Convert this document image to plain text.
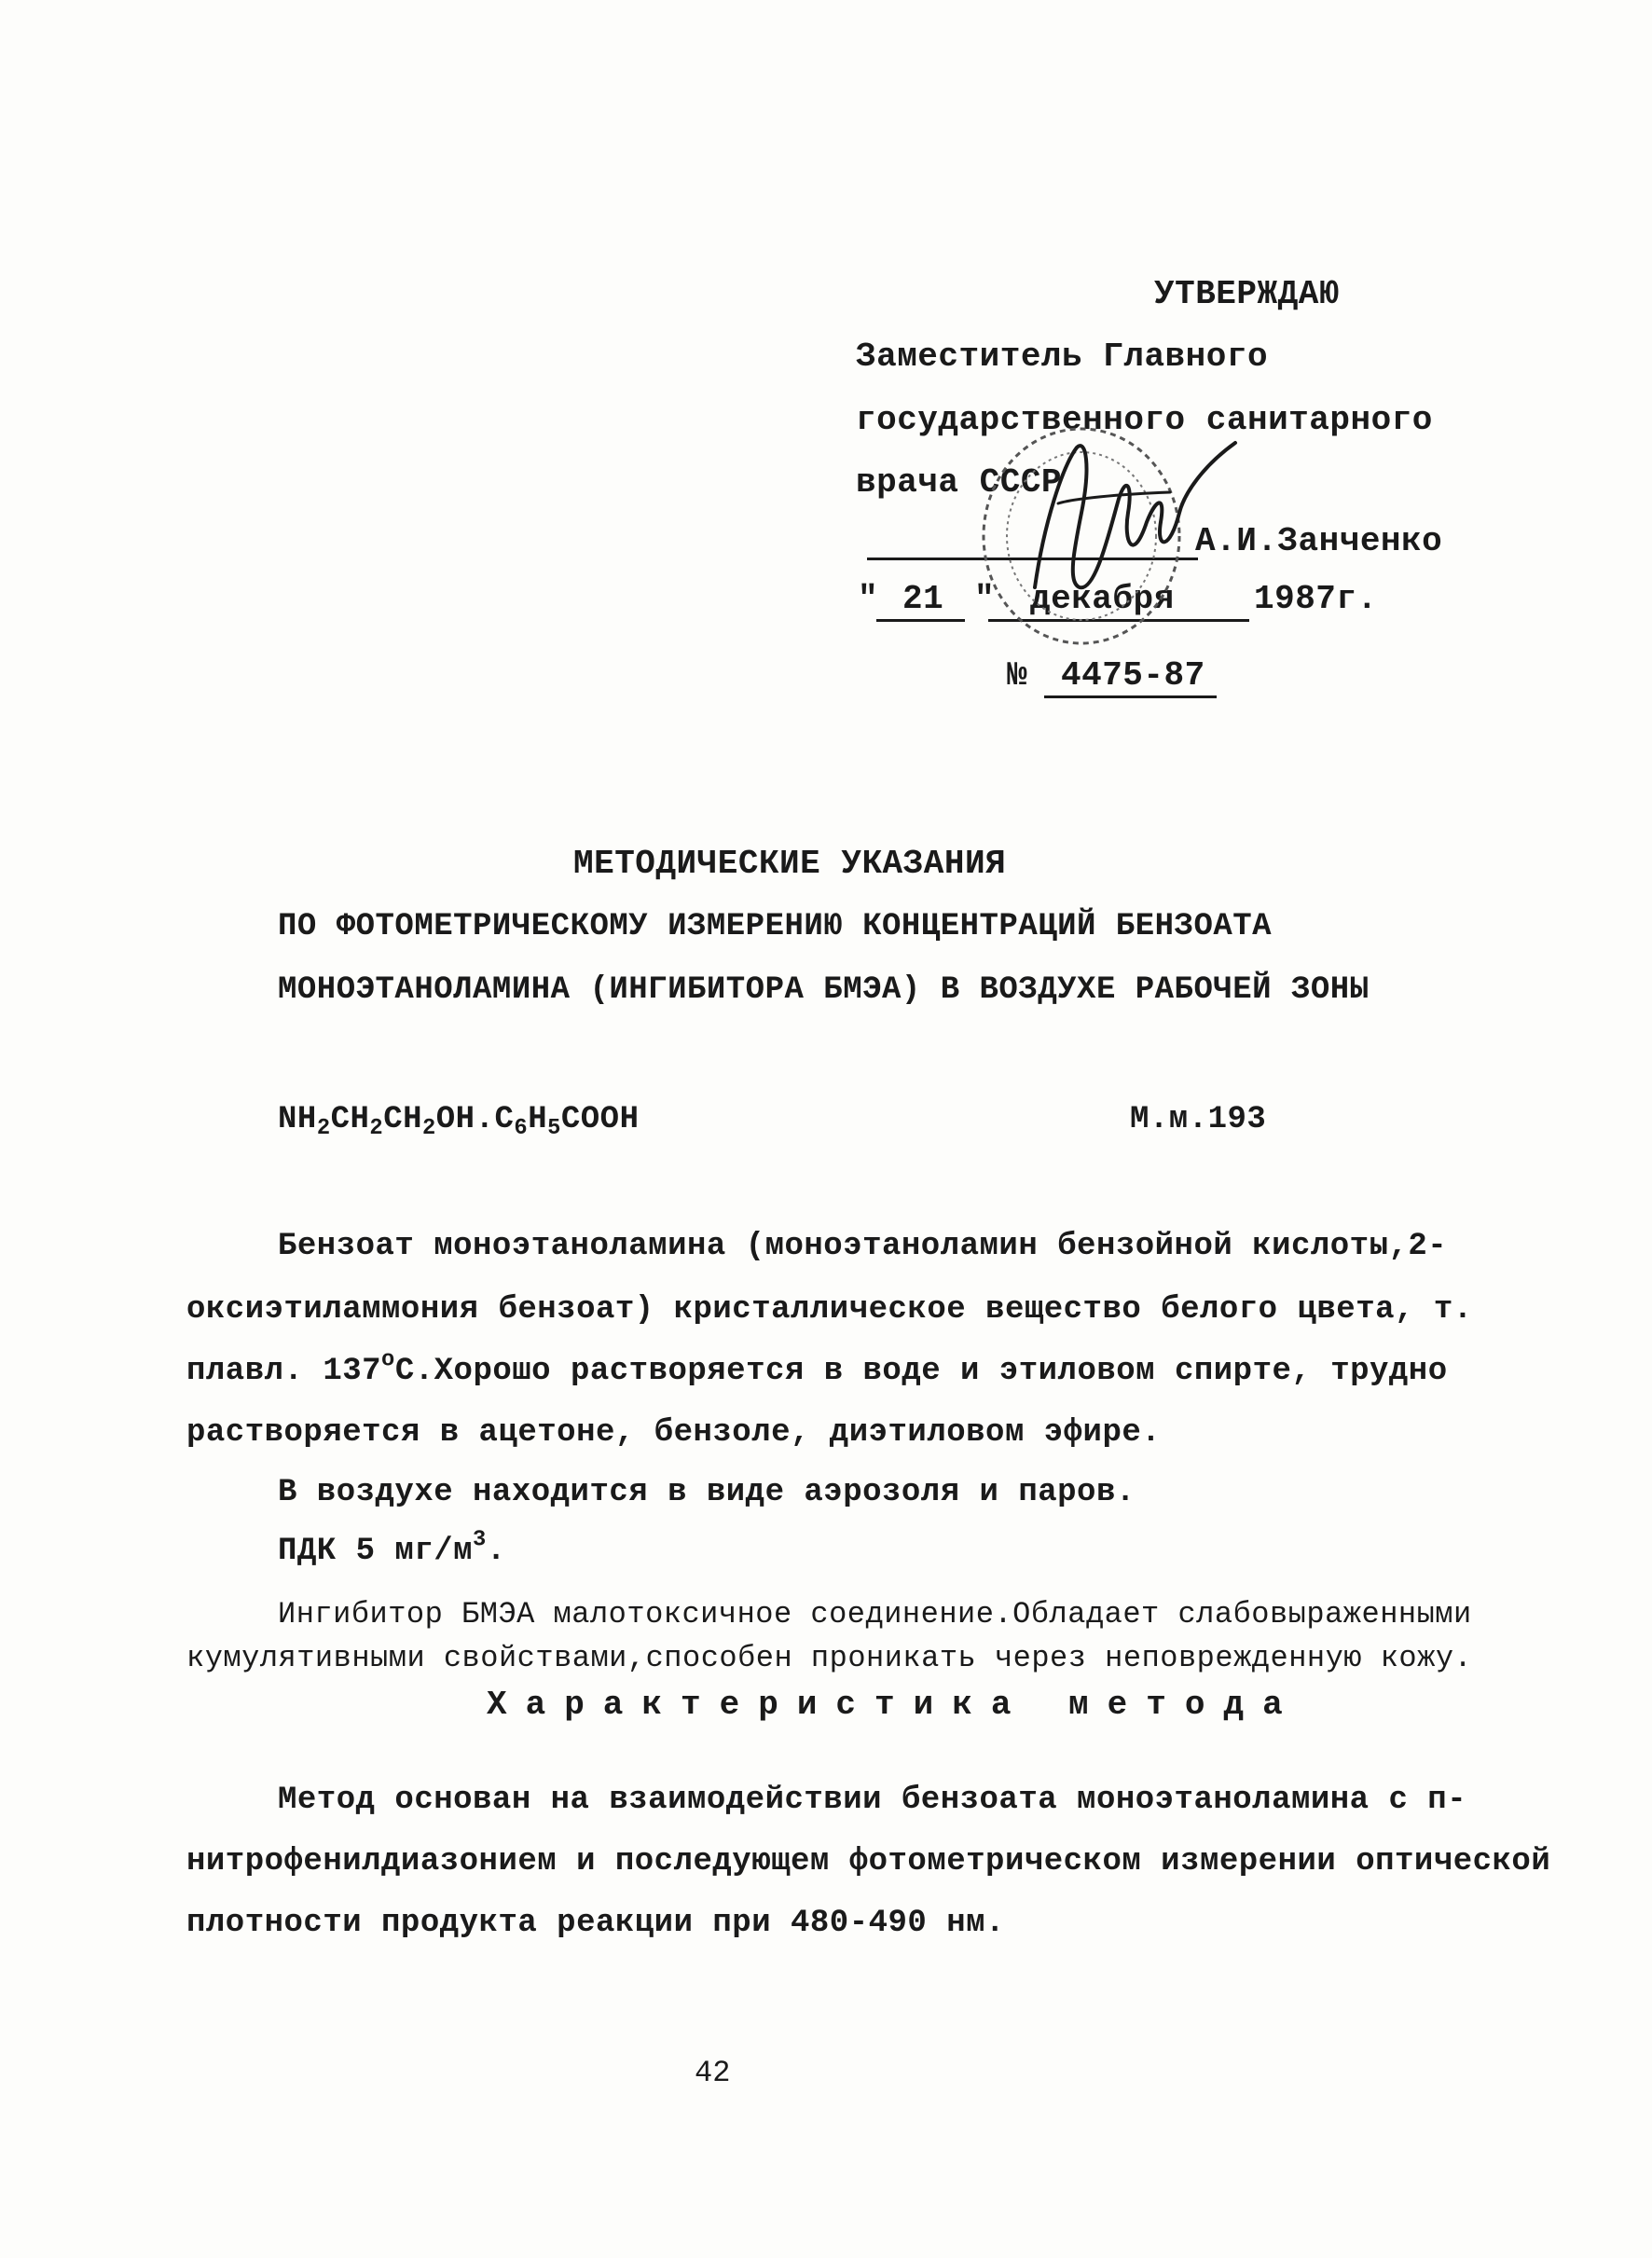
УТВЕРЖДАЮ
Заместитель Главного
государственного санитарного
врача СССР
А.И.Занченко
" 21 " декабря 1987г.
№ 4475-87
МЕТОДИЧЕСКИЕ УКАЗАНИЯ
ПО ФОТОМЕТРИЧЕСКОМУ ИЗМЕРЕНИЮ КОНЦЕНТРАЦИЙ БЕНЗОАТА
МОНОЭТАНОЛАМИНА (ИНГИБИТОРА БМЭА) В ВОЗДУХЕ РАБОЧЕЙ ЗОНЫ
$NH_2CH_2CH_2OH.C_6H_5COOH$	М.м.193
Бензоат моноэтаноламина (моноэтаноламин бензойной кислоты,2-
оксиэтиламмония бензоат) кристаллическое вещество белого цвета, т.
плавл. 137$^o$С.Хорошо растворяется в воде и этиловом спирте, трудно
растворяется в ацетоне, бензоле, диэтиловом эфире.
В воздухе находится в виде аэрозоля и паров.
ПДК 5 $мг/м^3$.
Ингибитор БМЭА малотоксичное соединение.Обладает слабовыраженными
кумулятивными свойствами,способен проникать через неповрежденную кожу.
Характеристика метода
Метод основан на взаимодействии бензоата моноэтаноламина с п-
нитрофенилдиазонием и последующем фотометрическом измерении оптической
плотности продукта реакции при 480-490 нм.
42
